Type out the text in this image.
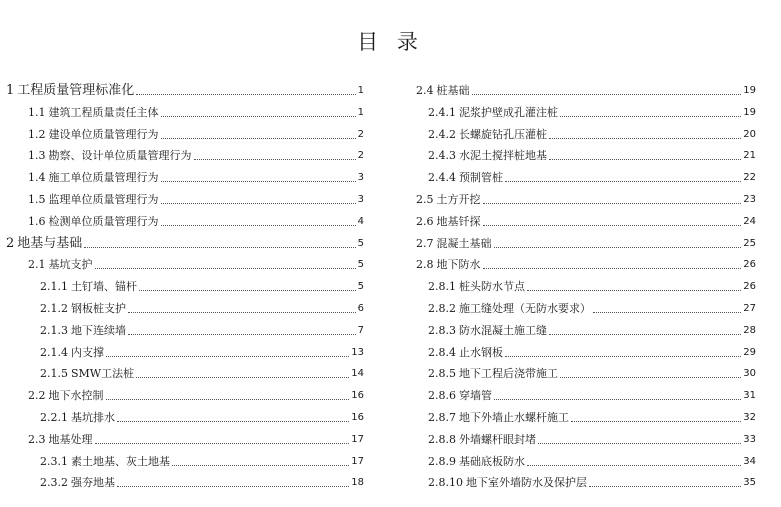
目 录
1 工程质量管理标准化	1
1.1 建筑工程质量责任主体	1
1.2 建设单位质量管理行为	2
1.3 勘察、设计单位质量管理行为	2
1.4 施工单位质量管理行为	3
1.5 监理单位质量管理行为	3
1.6 检测单位质量管理行为	4
2 地基与基础	5
2.1 基坑支护	5
2.1.1 土钉墙、锚杆	5
2.1.2 钢板桩支护	6
2.1.3 地下连续墙	7
2.1.4 内支撑	13
2.1.5 SMW工法桩	14
2.2 地下水控制	16
2.2.1 基坑排水	16
2.3 地基处理	17
2.3.1 素土地基、灰土地基	17
2.3.2 强夯地基	18
2.4 桩基础	19
2.4.1 泥浆护壁成孔灌注桩	19
2.4.2 长螺旋钻孔压灌桩	20
2.4.3 水泥土搅拌桩地基	21
2.4.4 预制管桩	22
2.5 土方开挖	23
2.6 地基钎探	24
2.7 混凝土基础	25
2.8 地下防水	26
2.8.1 桩头防水节点	26
2.8.2 施工缝处理（无防水要求）	27
2.8.3 防水混凝土施工缝	28
2.8.4 止水钢板	29
2.8.5 地下工程后浇带施工	30
2.8.6 穿墙管	31
2.8.7 地下外墙止水螺杆施工	32
2.8.8 外墙螺杆眼封堵	33
2.8.9 基础底板防水	34
2.8.10 地下室外墙防水及保护层	35
